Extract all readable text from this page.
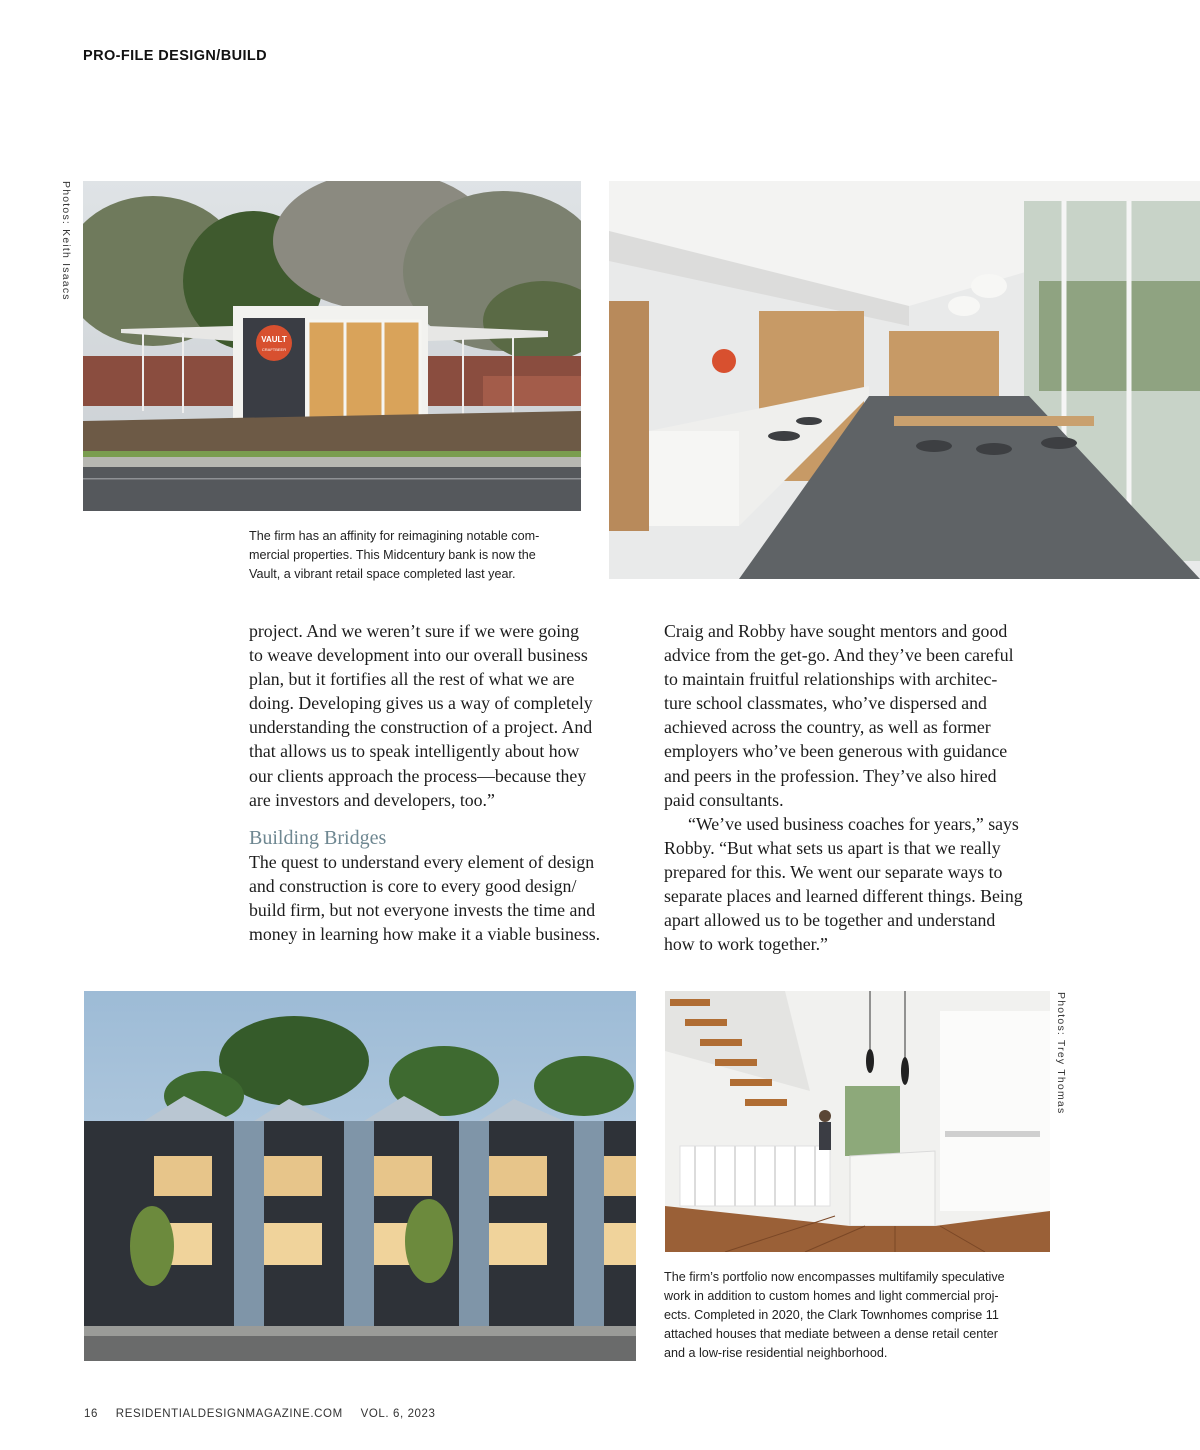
PRO-FILE DESIGN/BUILD
Photos: Keith Isaacs
Photos: Trey Thomas
VAULT
CRAFTBEER
The firm has an affinity for reimagining notable com-
mercial properties. This Midcentury bank is now the
Vault, a vibrant retail space completed last year.
project. And we weren’t sure if we were going
to weave development into our overall business
plan, but it fortifies all the rest of what we are
doing. Developing gives us a way of completely
understanding the construction of a project. And
that allows us to speak intelligently about how
our clients approach the process—because they
are investors and developers, too.”
Building Bridges
The quest to understand every element of design
and construction is core to every good design/
build firm, but not everyone invests the time and
money in learning how make it a viable business.
Craig and Robby have sought mentors and good
advice from the get-go. And they’ve been careful
to maintain fruitful relationships with architec-
ture school classmates, who’ve dispersed and
achieved across the country, as well as former
employers who’ve been generous with guidance
and peers in the profession. They’ve also hired
paid consultants.
“We’ve used business coaches for years,” says
Robby. “But what sets us apart is that we really
prepared for this. We went our separate ways to
separate places and learned different things. Being
apart allowed us to be together and understand
how to work together.”
The firm’s portfolio now encompasses multifamily speculative
work in addition to custom homes and light commercial proj-
ects. Completed in 2020, the Clark Townhomes comprise 11
attached houses that mediate between a dense retail center
and a low-rise residential neighborhood.
16 RESIDENTIALDESIGNMAGAZINE.COM VOL. 6, 2023
